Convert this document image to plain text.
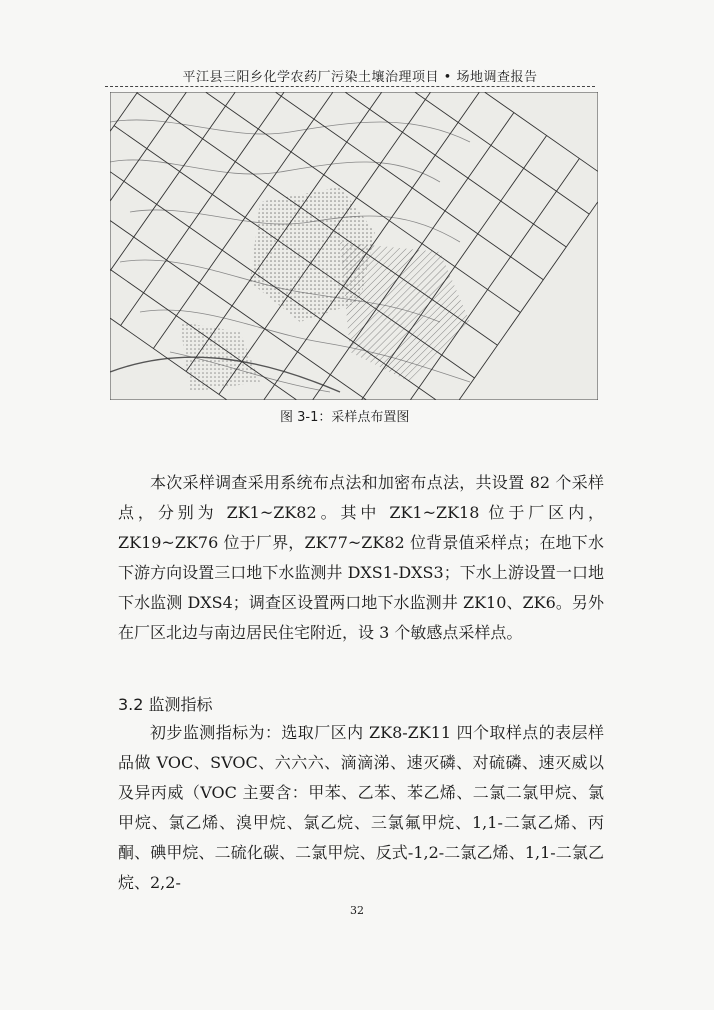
平江县三阳乡化学农药厂污染土壤治理项目 • 场地调查报告
图 3-1：采样点布置图

本次采样调查采用系统布点法和加密布点法，共设置 82 个采样点，分别为 ZK1~ZK82。其中 ZK1~ZK18 位于厂区内，ZK19~ZK76 位于厂界，ZK77~ZK82 位背景值采样点；在地下水下游方向设置三口地下水监测井 DXS1-DXS3；下水上游设置一口地下水监测 DXS4；调查区设置两口地下水监测井 ZK10、ZK6。另外在厂区北边与南边居民住宅附近，设 3 个敏感点采样点。

3.2 监测指标

初步监测指标为：选取厂区内 ZK8-ZK11 四个取样点的表层样品做 VOC、SVOC、六六六、滴滴涕、速灭磷、对硫磷、速灭威以及异丙威（VOC 主要含：甲苯、乙苯、苯乙烯、二氯二氯甲烷、氯甲烷、氯乙烯、溴甲烷、氯乙烷、三氯氟甲烷、1,1-二氯乙烯、丙酮、碘甲烷、二硫化碳、二氯甲烷、反式-1,2-二氯乙烯、1,1-二氯乙烷、2,2-

32
